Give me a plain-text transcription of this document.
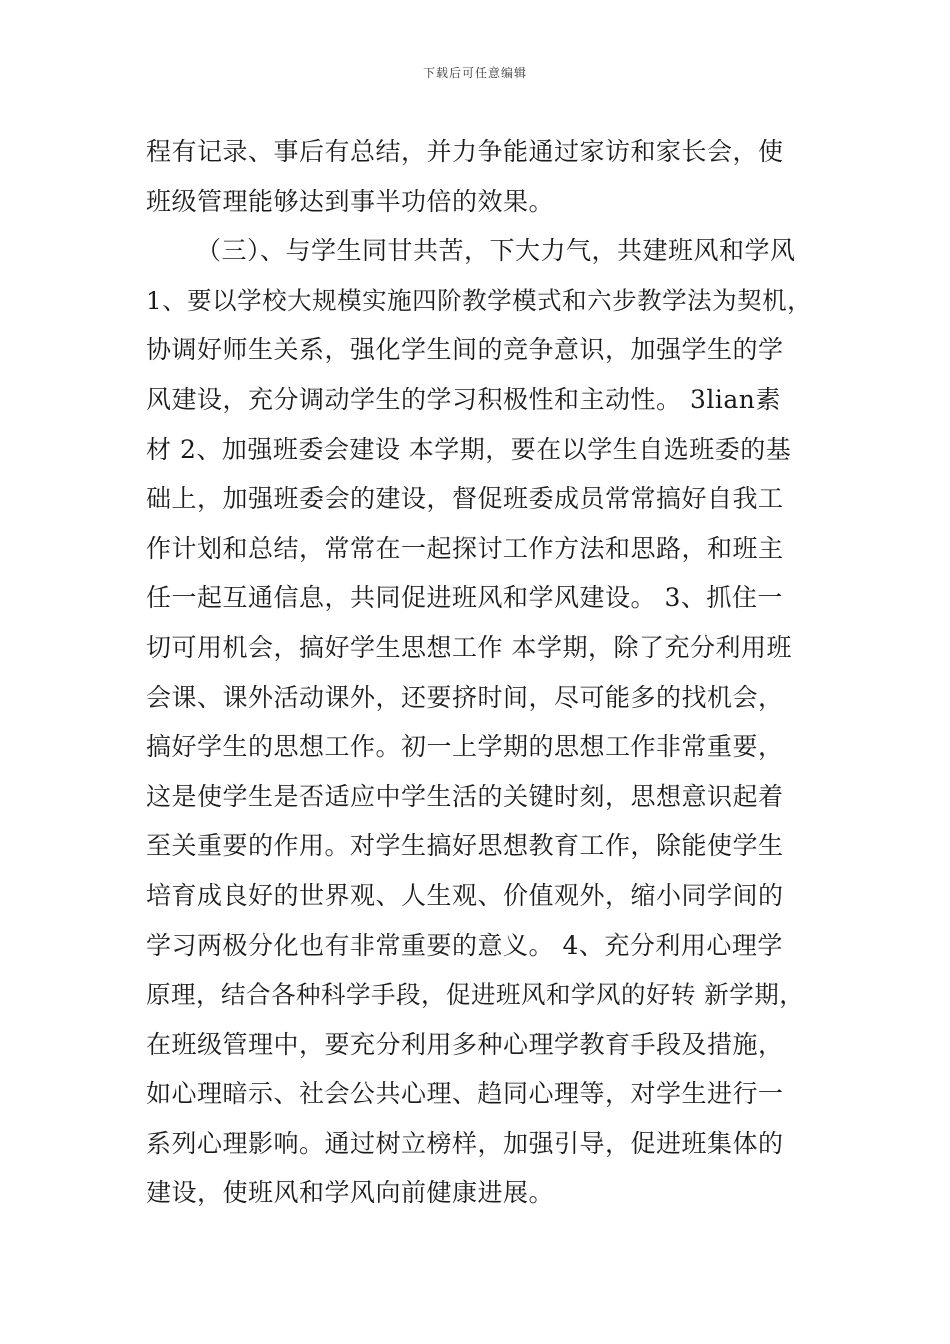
下载后可任意编辑
程有记录、事后有总结，并力争能通过家访和家长会，使
班级管理能够达到事半功倍的效果。
（三）、与学生同甘共苦，下大力气，共建班风和学风
1、要以学校大规模实施四阶教学模式和六步教学法为契机，
协调好师生关系，强化学生间的竞争意识，加强学生的学
风建设，充分调动学生的学习积极性和主动性。 3lian素
材 2、加强班委会建设 本学期，要在以学生自选班委的基
础上，加强班委会的建设，督促班委成员常常搞好自我工
作计划和总结，常常在一起探讨工作方法和思路，和班主
任一起互通信息，共同促进班风和学风建设。 3、抓住一
切可用机会，搞好学生思想工作 本学期，除了充分利用班
会课、课外活动课外，还要挤时间，尽可能多的找机会，
搞好学生的思想工作。初一上学期的思想工作非常重要，
这是使学生是否适应中学生活的关键时刻，思想意识起着
至关重要的作用。对学生搞好思想教育工作，除能使学生
培育成良好的世界观、人生观、价值观外，缩小同学间的
学习两极分化也有非常重要的意义。 4、充分利用心理学
原理，结合各种科学手段，促进班风和学风的好转 新学期，
在班级管理中，要充分利用多种心理学教育手段及措施，
如心理暗示、社会公共心理、趋同心理等，对学生进行一
系列心理影响。通过树立榜样，加强引导，促进班集体的
建设，使班风和学风向前健康进展。
